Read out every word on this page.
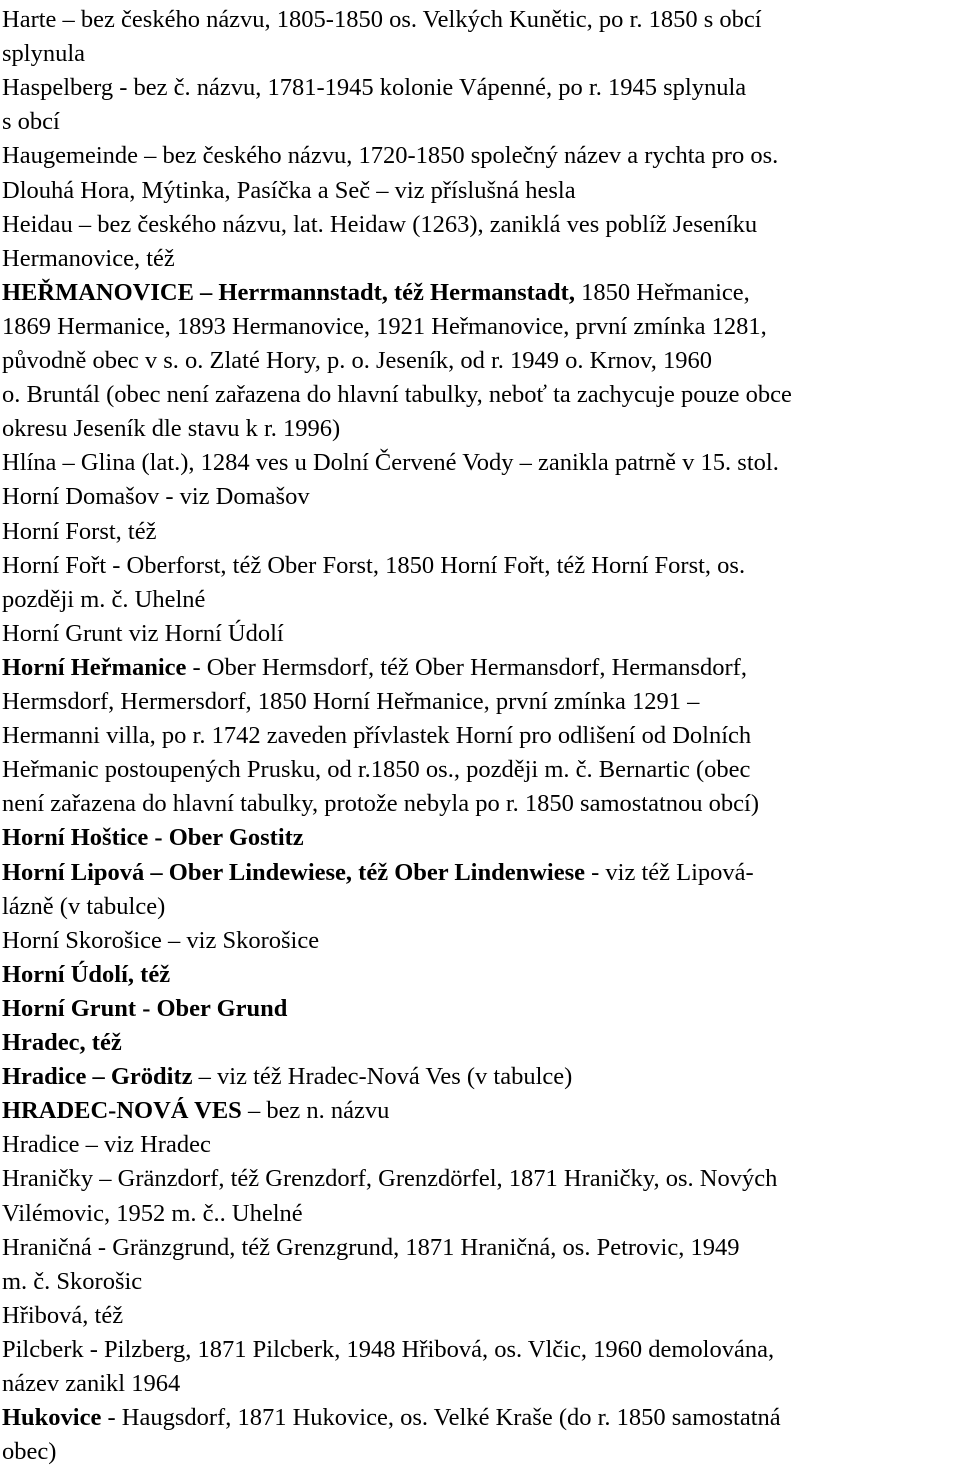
Harte – bez českého názvu, 1805-1850 os. Velkých Kunětic, po r. 1850 s obcí
splynula
Haspelberg - bez č. názvu, 1781-1945 kolonie Vápenné, po r. 1945 splynula
s obcí
Haugemeinde – bez českého názvu, 1720-1850 společný název a rychta pro os.
Dlouhá Hora, Mýtinka, Pasíčka a Seč – viz příslušná hesla
Heidau – bez českého názvu, lat. Heidaw (1263), zaniklá ves poblíž Jeseníku
Hermanovice, též
HEŘMANOVICE – Herrmannstadt, též Hermanstadt, 1850 Heřmanice,
1869 Hermanice, 1893 Hermanovice, 1921 Heřmanovice, první zmínka 1281,
původně obec v s. o. Zlaté Hory, p. o. Jeseník, od r. 1949 o. Krnov, 1960
o. Bruntál (obec není zařazena do hlavní tabulky, neboť ta zachycuje pouze obce
okresu Jeseník dle stavu k r. 1996)
Hlína – Glina (lat.), 1284 ves u Dolní Červené Vody – zanikla patrně v 15. stol.
Horní Domašov - viz Domašov
Horní Forst, též
Horní Fořt - Oberforst, též Ober Forst, 1850 Horní Fořt, též Horní Forst, os.
později m. č. Uhelné
Horní Grunt viz Horní Údolí
Horní Heřmanice - Ober Hermsdorf, též Ober Hermansdorf, Hermansdorf,
Hermsdorf, Hermersdorf, 1850 Horní Heřmanice, první zmínka 1291 –
Hermanni villa, po r. 1742 zaveden přívlastek Horní pro odlišení od Dolních
Heřmanic postoupených Prusku, od r.1850 os., později m. č. Bernartic (obec
není zařazena do hlavní tabulky, protože nebyla po r. 1850 samostatnou obcí)
Horní Hoštice - Ober Gostitz
Horní Lipová – Ober Lindewiese, též Ober Lindenwiese - viz též Lipová-
lázně (v tabulce)
Horní Skorošice – viz Skorošice
Horní Údolí, též
Horní Grunt - Ober Grund
Hradec, též
Hradice – Gröditz – viz též Hradec-Nová Ves (v tabulce)
HRADEC-NOVÁ VES – bez n. názvu
Hradice – viz Hradec
Hraničky – Gränzdorf, též Grenzdorf, Grenzdörfel, 1871 Hraničky, os. Nových
Vilémovic, 1952 m. č.. Uhelné
Hraničná - Gränzgrund, též Grenzgrund, 1871 Hraničná, os. Petrovic, 1949
m. č. Skorošic
Hřibová, též
Pilcberk - Pilzberg, 1871 Pilcberk, 1948 Hřibová, os. Vlčic, 1960 demolována,
název zanikl 1964
Hukovice - Haugsdorf, 1871 Hukovice, os. Velké Kraše (do r. 1850 samostatná
obec)
